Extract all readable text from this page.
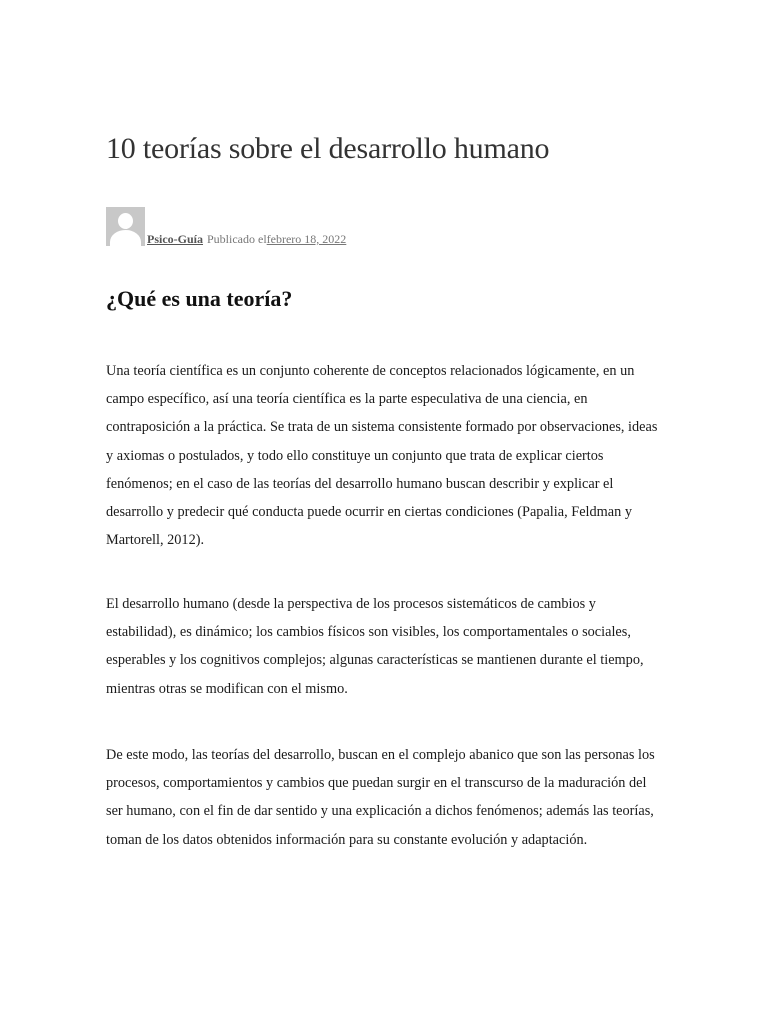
10 teorías sobre el desarrollo humano
Psico-Guía Publicado elfebrero 18, 2022
¿Qué es una teoría?

Una teoría científica es un conjunto coherente de conceptos relacionados lógicamente, en un campo específico, así una teoría científica es la parte especulativa de una ciencia, en contraposición a la práctica. Se trata de un sistema consistente formado por observaciones, ideas y axiomas o postulados, y todo ello constituye un conjunto que trata de explicar ciertos fenómenos; en el caso de las teorías del desarrollo humano buscan describir y explicar el desarrollo y predecir qué conducta puede ocurrir en ciertas condiciones (Papalia, Feldman y Martorell, 2012).

El desarrollo humano (desde la perspectiva de los procesos sistemáticos de cambios y estabilidad), es dinámico; los cambios físicos son visibles, los comportamentales o sociales, esperables y los cognitivos complejos; algunas características se mantienen durante el tiempo, mientras otras se modifican con el mismo.

De este modo, las teorías del desarrollo, buscan en el complejo abanico que son las personas los procesos, comportamientos y cambios que puedan surgir en el transcurso de la maduración del ser humano, con el fin de dar sentido y una explicación a dichos fenómenos; además las teorías, toman de los datos obtenidos información para su constante evolución y adaptación.
